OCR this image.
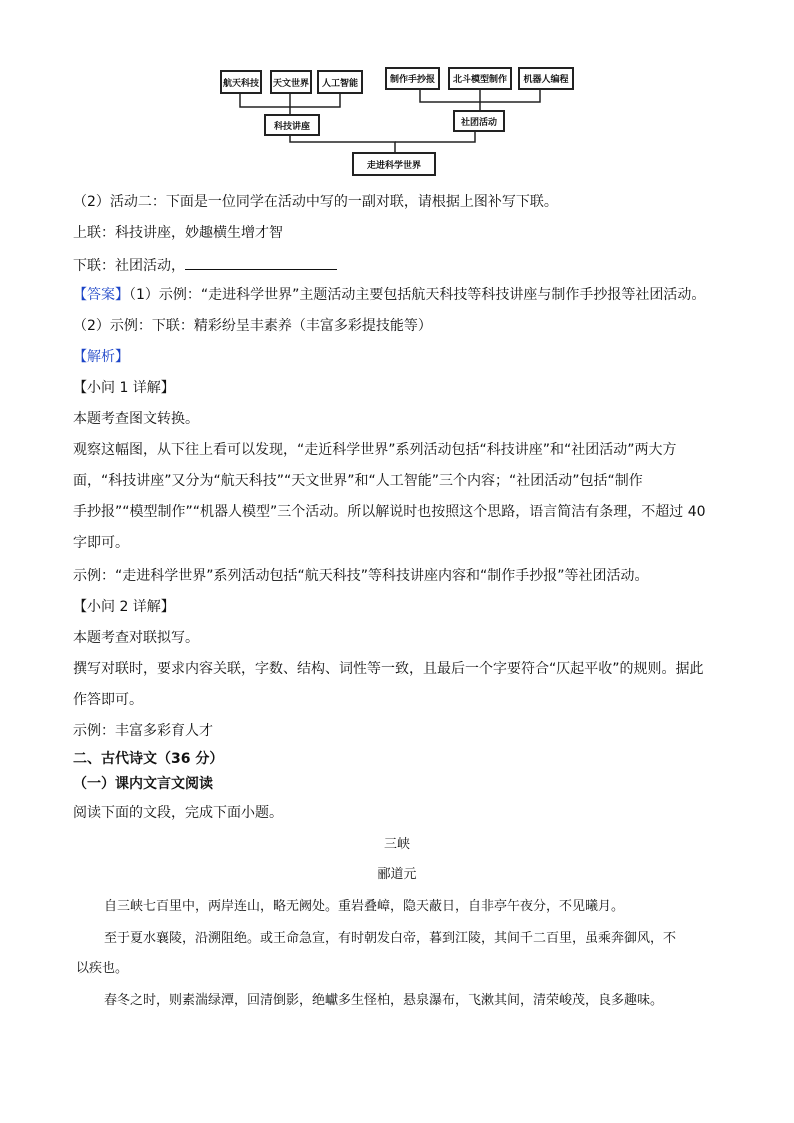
航天科技	天文世界	人工智能	制作手抄报	北斗模型制作	机器人编程
科技讲座	社团活动
走进科学世界
（2）活动二：下面是一位同学在活动中写的一副对联，请根据上图补写下联。
上联：科技讲座，妙趣横生增才智
下联：社团活动，
【答案】（1）示例：“走进科学世界”主题活动主要包括航天科技等科技讲座与制作手抄报等社团活动。
（2）示例：下联：精彩纷呈丰素养（丰富多彩提技能等）
【解析】
【小问 1 详解】
本题考查图文转换。
观察这幅图，从下往上看可以发现，“走近科学世界”系列活动包括“科技讲座”和“社团活动”两大方
面，“科技讲座”又分为“航天科技”“天文世界”和“人工智能”三个内容；“社团活动”包括“制作
手抄报”“模型制作”“机器人模型”三个活动。所以解说时也按照这个思路，语言简洁有条理，不超过 40
字即可。
示例：“走进科学世界”系列活动包括“航天科技”等科技讲座内容和“制作手抄报”等社团活动。
【小问 2 详解】
本题考查对联拟写。
撰写对联时，要求内容关联，字数、结构、词性等一致，且最后一个字要符合“仄起平收”的规则。据此
作答即可。
示例：丰富多彩育人才
二、古代诗文（36 分）
（一）课内文言文阅读
阅读下面的文段，完成下面小题。
三峡
郦道元
自三峡七百里中，两岸连山，略无阙处。重岩叠嶂，隐天蔽日，自非亭午夜分，不见曦月。
至于夏水襄陵，沿溯阻绝。或王命急宣，有时朝发白帝，暮到江陵，其间千二百里，虽乘奔御风，不
以疾也。
春冬之时，则素湍绿潭，回清倒影，绝巘多生怪柏，悬泉瀑布，飞漱其间，清荣峻茂，良多趣味。
